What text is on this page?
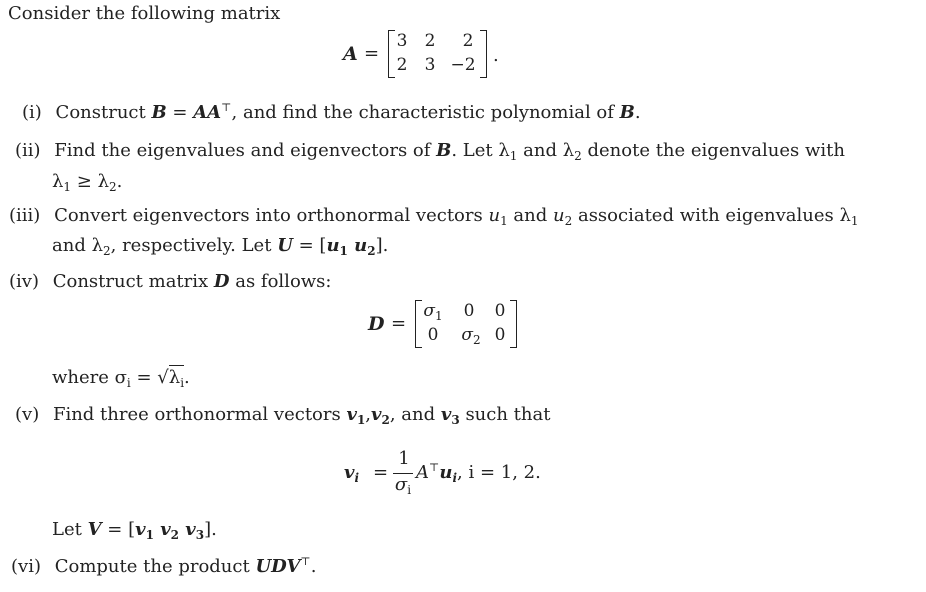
Consider the following matrix
A =
3	2	2
2	3 −2 .
(i) Construct B = AA⊤, and find the characteristic polynomial of B.
(ii) Find the eigenvalues and eigenvectors of B. Let $\lambda_1$ and $\lambda_2$ denote the eigenvalues with
$\lambda_1 \ge \lambda_2$.
(iii) Convert eigenvectors into orthonormal vectors $u_1$ and $u_2$ associated with eigenvalues $\lambda_1$
and $\lambda_2$, respectively. Let $U = [u_1$ $u_2$].
(iv) Construct matrix D as follows:
D =
$\sigma_1$	0	0
0	$\sigma_2$ 0
where $\sigma_i = √\lambda_i$.
(v) Find three orthonormal vectors $v_1,v_2$, and $v_3$ such that
$v_i$ =
1
$\sigma_i$
$A^⊤u_i$, i = 1, 2.
Let $V = [v_1$ $v_2$ $v_3$].
(vi) Compute the product UDV⊤.
